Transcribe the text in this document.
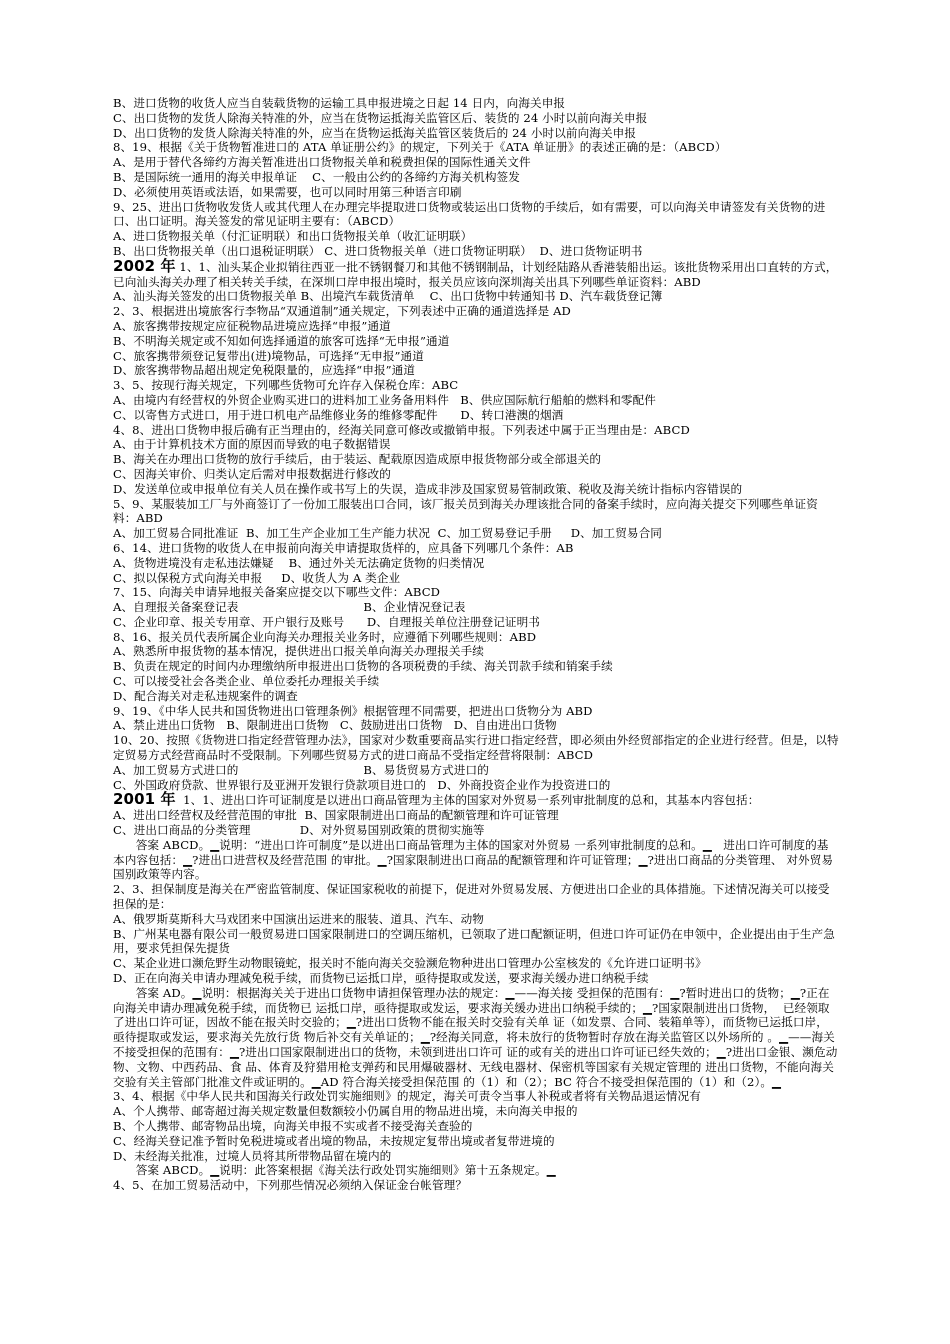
B、进口货物的收货人应当自装载货物的运输工具申报进境之日起 14 日内，向海关申报
C、出口货物的发货人除海关特准的外，应当在货物运抵海关监管区后、装货的 24 小时以前向海关申报
D、出口货物的发货人除海关特准的外，应当在货物运抵海关监管区装货后的 24 小时以前向海关申报
8、19、根据《关于货物暂准进口的 ATA 单证册公约》的规定，下列关于《ATA 单证册》的表述正确的是：（ABCD）
A、是用于替代各缔约方海关暂准进出口货物报关单和税费担保的国际性通关文件
B、是国际统一通用的海关申报单证    C、一般由公约的各缔约方海关机构签发
D、必须使用英语或法语，如果需要，也可以同时用第三种语言印刷
9、25、进出口货物收发货人或其代理人在办理完毕提取进口货物或装运出口货物的手续后，如有需要，可以向海关申请签发有关货物的进口、出口证明。海关签发的常见证明主要有：（ABCD）
A、进口货物报关单（付汇证明联）和出口货物报关单（收汇证明联）
B、出口货物报关单（出口退税证明联） C、进口货物报关单（进口货物证明联）  D、进口货物证明书
2002 年 1、1、汕头某企业拟销往西亚一批不锈钢餐刀和其他不锈钢制品，计划经陆路从香港装船出运。该批货物采用出口直转的方式，已向汕头海关办理了相关转关手续，在深圳口岸申报出境时，报关员应该向深圳海关出具下列哪些单证资料：ABD
A、汕头海关签发的出口货物报关单 B、出境汽车载货清单    C、出口货物中转通知书 D、汽车载货登记簿
2、3、根据进出境旅客行李物品“双通道制”通关规定，下列表述中正确的通道选择是 AD
A、旅客携带按规定应征税物品进境应选择“申报”通道
B、不明海关规定或不知如何选择通道的旅客可选择“无申报”通道
C、旅客携带须登记复带出(进)境物品，可选择“无申报”通道
D、旅客携带物品超出规定免税限量的，应选择“申报”通道
3、5、按现行海关规定，下列哪些货物可允许存入保税仓库：ABC
A、由境内有经营权的外贸企业购买进口的进料加工业务备用料件   B、供应国际航行船舶的燃料和零配件
C、以寄售方式进口，用于进口机电产品维修业务的维修零配件      D、转口港澳的烟酒
4、8、进出口货物申报后确有正当理由的，经海关同意可修改或撤销申报。下列表述中属于正当理由是：ABCD
A、由于计算机技术方面的原因而导致的电子数据错误
B、海关在办理出口货物的放行手续后，由于装运、配载原因造成原申报货物部分或全部退关的
C、因海关审价、归类认定后需对申报数据进行修改的
D、发送单位或申报单位有关人员在操作或书写上的失误，造成非涉及国家贸易管制政策、税收及海关统计指标内容错误的
5、9、某服装加工厂与外商签订了一份加工服装出口合同，该厂报关员到海关办理该批合同的备案手续时，应向海关提交下列哪些单证资料：ABD
A、加工贸易合同批准证  B、加工生产企业加工生产能力状况  C、加工贸易登记手册     D、加工贸易合同
6、14、进口货物的收货人在申报前向海关申请提取货样的，应具备下列哪几个条件：AB
A、货物进境没有走私违法嫌疑    B、通过外关无法确定货物的归类情况
C、拟以保税方式向海关申报     D、收货人为 A 类企业
7、15、向海关申请异地报关备案应提交以下哪些文件：ABCD
A、自理报关备案登记表                                 B、企业情况登记表
C、企业印章、报关专用章、开户银行及账号      D、自理报关单位注册登记证明书
8、16、报关员代表所属企业向海关办理报关业务时，应遵循下列哪些规则：ABD
A、熟悉所申报货物的基本情况，提供进出口报关单向海关办理报关手续
B、负责在规定的时间内办理缴纳所申报进出口货物的各项税费的手续、海关罚款手续和销案手续
C、可以接受社会各类企业、单位委托办理报关手续
D、配合海关对走私违规案件的调查
9、19、《中华人民共和国货物进出口管理条例》根据管理不同需要，把进出口货物分为 ABD
A、禁止进出口货物   B、限制进出口货物   C、鼓励进出口货物   D、自由进出口货物
10、20、按照《货物进口指定经营管理办法》，国家对少数重要商品实行进口指定经营，即必须由外经贸部指定的企业进行经营。但是，以特定贸易方式经营商品时不受限制。下列哪些贸易方式的进口商品不受指定经营将限制：ABCD
A、加工贸易方式进口的                                 B、易货贸易方式进口的
C、外国政府贷款、世界银行及亚洲开发银行贷款项目进口的   D、外商投资企业作为投资进口的
2001 年  1、1、进出口许可证制度是以进出口商品管理为主体的国家对外贸易一系列审批制度的总和，其基本内容包括：
A、进出口经营权及经营范围的审批  B、国家限制进出口商品的配额管理和许可证管理
C、进出口商品的分类管理             D、对外贸易国别政策的贯彻实施等
答案 ABCD。▁说明：“进出口许可制度”是以进出口商品管理为主体的国家对外贸易 一系列审批制度的总和。▁   进出口许可制度的基本内容包括：▁?进出口进营权及经营范围 的审批。▁?国家限制进出口商品的配额管理和许可证管理；▁?进出口商品的分类管理、 对外贸易国别政策等内容。
2、3、担保制度是海关在严密监管制度、保证国家税收的前提下，促进对外贸易发展、方便进出口企业的具体措施。下述情况海关可以接受担保的是：
A、俄罗斯莫斯科大马戏团来中国演出运进来的服装、道具、汽车、动物
B、广州某电器有限公司一般贸易进口国家限制进口的空调压缩机，已领取了进口配额证明，但进口许可证仍在申领中，企业提出由于生产急用，要求凭担保先提货
C、某企业进口濒危野生动物眼镜蛇，报关时不能向海关交验濒危物种进出口管理办公室核发的《允许进口证明书》
D、正在向海关申请办理减免税手续，而货物已运抵口岸，亟待提取或发送，要求海关缓办进口纳税手续
答案 AD。▁说明：根据海关关于进出口货物申请担保管理办法的规定：▁——海关接 受担保的范围有：▁?暂时进出口的货物；▁?正在向海关申请办理减免税手续，而货物已 运抵口岸，亟待提取或发运，要求海关缓办进出口纳税手续的；▁?国家限制进出口货物，  已经领取了进出口许可证，因故不能在报关时交验的；▁?进出口货物不能在报关时交验有关单 证（如发票、合同、装箱单等），而货物已运抵口岸，亟待提取或发运，要求海关先放行货 物后补交有关单证的；▁?经海关同意，将未放行的货物暂时存放在海关监管区以外场所的 。▁——海关不接受担保的范围有：▁?进出口国家限制进出口的货物，未领到进出口许可 证的或有关的进出口许可证已经失效的；▁?进出口金银、濒危动物、文物、中西药品、食 品、体育及狩猎用枪支弹药和民用爆破器材、无线电器材、保密机等国家有关规定管理的 进出口货物，不能向海关交验有关主管部门批准文件或证明的。▁AD 符合海关接受担保范围 的（1）和（2）；BC 符合不接受担保范围的（1）和（2）。▁
3、4、根据《中华人民共和国海关行政处罚实施细则》的规定，海关可责令当事人补税或者将有关物品退运情况有
A、个人携带、邮寄超过海关规定数量但数额较小仍属自用的物品进出境，未向海关申报的
B、个人携带、邮寄物品出境，向海关申报不实或者不接受海关查验的
C、经海关登记准予暂时免税进境或者出境的物品，未按规定复带出境或者复带进境的
D、未经海关批准，过境人员将其所带物品留在境内的
答案 ABCD。▁说明：此答案根据《海关法行政处罚实施细则》第十五条规定。▁
4、5、在加工贸易活动中，下列那些情况必须纳入保证金台帐管理？
